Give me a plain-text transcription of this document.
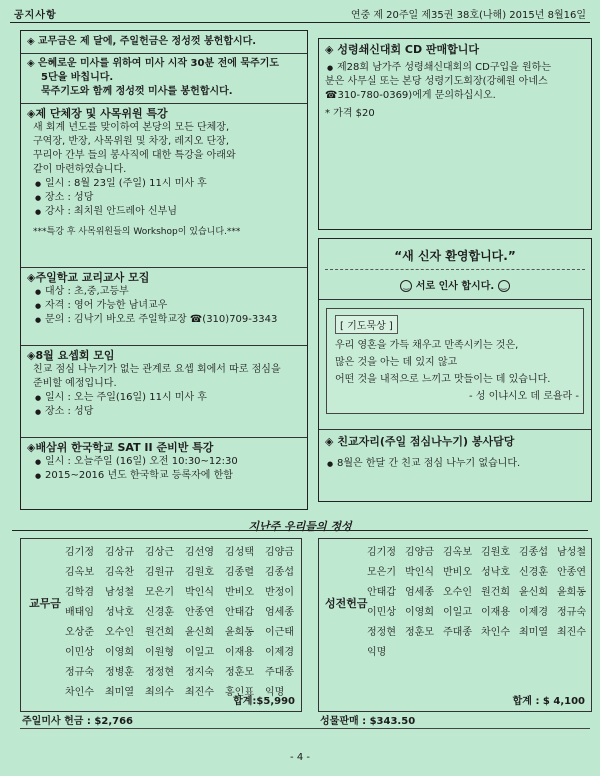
공지사항	연중 제 20주일 제35권 38호(나해) 2015년 8월16일
◈ 교무금은 제 달에, 주일헌금은 정성껏 봉헌합시다.
◈ 은혜로운 미사를 위하여 미사 시작 30분 전에 묵주기도
5단을 바칩니다.
묵주기도와 함께 정성껏 미사를 봉헌합시다.
◈제 단체장 및 사목위원 특강
새 회계 년도를 맞이하여 본당의 모든 단체장,
구역장, 반장, 사목위원 및 차장, 레지오 단장,
꾸리아 간부 들의 봉사직에 대한 특강을 아래와
같이 마련하였습니다.
● 일시 : 8월 23일 (주일) 11시 미사 후
● 장소 : 성당
● 강사 : 최치원 안드레아 신부님
***특강 후 사목위원들의 Workshop이 있습니다.***
◈주일학교 교리교사 모집
● 대상 : 초,중,고등부
● 자격 : 영어 가능한 남녀교우
● 문의 : 김낙기 바오로 주일학교장 ☎(310)709-3343
◈8월 요셉회 모임
친교 점심 나누기가 없는 관계로 요셉 회에서 따로 점심을
준비할 예정입니다.
● 일시 : 오는 주일(16일) 11시 미사 후
● 장소 : 성당
◈배삼위 한국학교 SAT II 준비반 특강
● 일시 : 오늘주일 (16일) 오전 10:30~12:30
● 2015~2016 년도 한국학교 등록자에 한함
◈ 성령쇄신대회 CD 판매합니다
● 제28회 남가주 성령쇄신대회의 CD구입을 원하는
분은 사무실 또는 본당 성령기도회장(강혜원 아네스
☎310-780-0369)에게 문의하십시오.
* 가격 $20
“새 신자 환영합니다.”
‿ 서로 인사 합시다. ‿
◈ 친교자리(주일 점심나누기) 봉사담당
● 8월은 한달 간 친교 점심 나누기 없습니다.
[ 기도묵상 ]
우리 영혼을 가득 채우고 만족시키는 것은,
많은 것을 아는 데 있지 않고
어떤 것을 내적으로 느끼고 맛들이는 데 있습니다.
- 성 이냐시오 데 로욜라 -
지난주 우리들의 정성
교무금
김기정	김상규	김상근	김선영	김성택	김양금
김옥보	김옥찬	김원규	김원호	김종렬	김종섭
김학겸	남성철	모은기	박인식	반비오	반정이
배태임	성낙호	신경훈	안종연	안태갑	엄세종
오상준	오수인	원건희	윤신희	윤희동	이근태
이민상	이영희	이원형	이일고	이재용	이제경
정규숙	정병훈	정정현	정지숙	정훈모	주대종
차인수	최미열	최의수	최진수	홍인표	익명
합계:$5,990
성전헌금
김기정 김양금 김옥보 김원호 김종섭 남성철
모은기 박인식 반비오 성낙호 신경훈 안종연
안태갑 엄세종 오수인 원건희 윤신희 윤희동
이민상 이영희 이일고 이재용 이제경 정규숙
정정현 정훈모 주대종 차인수 최미열 최진수
익명
합계 : $ 4,100
주일미사 헌금 : $2,766	성물판매 : $343.50
- 4 -
